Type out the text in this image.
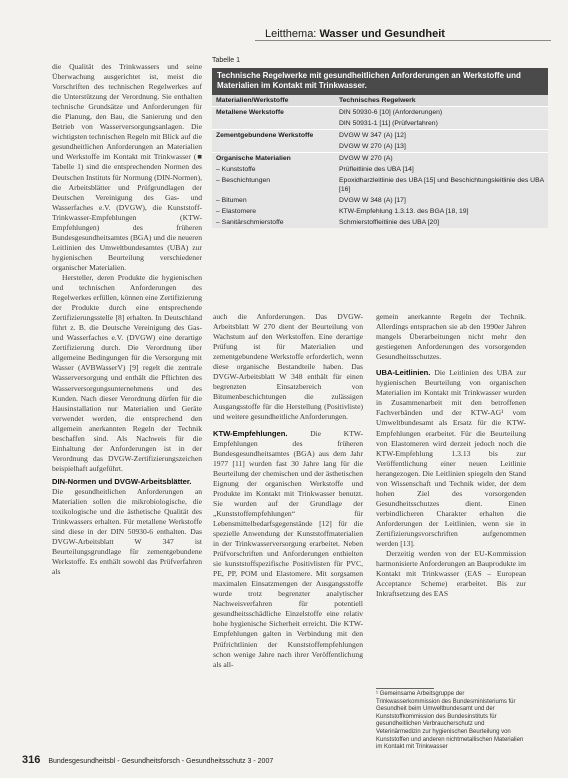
Leitthema: Wasser und Gesundheit

die Qualität des Trinkwassers und seine Überwachung ausgerichtet ist, meist die Vorschriften des technischen Regelwerkes auf die Unterstützung der Verordnung. Sie enthalten technische Grundsätze und Anforderungen für die Planung, den Bau, die Sanierung und den Betrieb von Wasserversorgungsanlagen. Die wichtigsten technischen Regeln mit Blick auf die gesundheitlichen Anforderungen an Materialien und Werkstoffe im Kontakt mit Trinkwasser (■ Tabelle 1) sind die entsprechenden Normen des Deutschen Instituts für Normung (DIN-Normen), die Arbeitsblätter und Prüfgrundlagen der Deutschen Vereinigung des Gas- und Wasserfaches e.V. (DVGW), die Kunststoff-Trinkwasser-Empfehlungen (KTW-Empfehlungen) des früheren Bundesgesundheitsamtes (BGA) und die neueren Leitlinien des Umweltbundesamtes (UBA) zur hygienischen Beurteilung verschiedener organischer Materialien.

Hersteller, deren Produkte die hygienischen und technischen Anforderungen des Regelwerkes erfüllen, können eine Zertifizierung der Produkte durch eine entsprechende Zertifizierungsstelle [8] erhalten. In Deutschland führt z. B. die Deutsche Vereinigung des Gas- und Wasserfaches e.V. (DVGW) eine derartige Zertifizierung durch. Die Verordnung über allgemeine Bedingungen für die Versorgung mit Wasser (AVBWasserV) [9] regelt die zentrale Wasserversorgung und enthält die Pflichten des Wasserversorgungsunternehmens und des Kunden. Nach dieser Verordnung dürfen für die Hausinstallation nur Materialien und Geräte verwendet werden, die entsprechend den allgemein anerkannten Regeln der Technik beschaffen sind. Als Nachweis für die Einhaltung der Anforderungen ist in der Verordnung das DVGW-Zertifizierungszeichen beispielhaft aufgeführt.

DIN-Normen und DVGW-Arbeitsblätter.
Die gesundheitlichen Anforderungen an Materialien sollen die mikrobiologische, die toxikologische und die ästhetische Qualität des Trinkwassers erhalten. Für metallene Werkstoffe sind diese in der DIN 50930-6 enthalten. Das DVGW-Arbeitsblatt W 347 ist Beurteilungsgrundlage für zementgebundene Werkstoffe. Es enthält sowohl das Prüfverfahren als

Tabelle 1
Technische Regelwerke mit gesundheitlichen Anforderungen an Werkstoffe und Materialien im Kontakt mit Trinkwasser.
Materialien/Werkstoffe	Technisches Regelwerk
Metallene Werkstoffe	DIN 50930-6 [10] (Anforderungen)
	DIN 50931-1 [11] (Prüfverfahren)
Zementgebundene Werkstoffe	DVGW W 347 (A) [12]
	DVGW W 270 (A) [13]
Organische Materialien	DVGW W 270 (A)
– Kunststoffe	Prüfleitlinie des UBA [14]
– Beschichtungen	Epoxidharzleitlinie des UBA [15] und Beschichtungsleitlinie des UBA [16]
– Bitumen	DVGW W 348 (A) [17]
– Elastomere	KTW-Empfehlung 1.3.13. des BGA [18, 19]
– Sanitärschmierstoffe	Schmierstoffleitlinie des UBA [20]

auch die Anforderungen. Das DVGW-Arbeitsblatt W 270 dient der Beurteilung von Wachstum auf den Werkstoffen. Eine derartige Prüfung ist für Materialien und zementgebundene Werkstoffe erforderlich, wenn diese organische Bestandteile haben. Das DVGW-Arbeitsblatt W 348 enthält für einen begrenzten Einsatzbereich von Bitumenbeschichtungen die zulässigen Ausgangsstoffe für die Herstellung (Positivliste) und weitere gesundheitliche Anforderungen.

KTW-Empfehlungen.	Die KTW-Empfehlungen des früheren Bundesgesundheitsamtes (BGA) aus dem Jahr 1977 [11] wurden fast 30 Jahre lang für die Beurteilung der chemischen und der ästhetischen Eignung der organischen Werkstoffe und Produkte im Kontakt mit Trinkwasser benutzt. Sie wurden auf der Grundlage der „Kunststoffempfehlungen“ für Lebensmittelbedarfsgegenstände [12] für die spezielle Anwendung der Kunststoffmaterialien in der Trinkwasserversorgung erarbeitet. Neben Prüfvorschriften und Anforderungen enthielten sie kunststoffspezifische Positivlisten für PVC, PE, PP, POM und Elastomere. Mit sorgsamen maximalen Einsatzmengen der Ausgangsstoffe wurde trotz begrenzter analytischer Nachweisverfahren für potentiell gesundheitsschädliche Einzelstoffe eine relativ hohe hygienische Sicherheit erreicht. Die KTW-Empfehlungen galten in Verbindung mit den Prüfrichtlinien der Kunststoffempfehlungen schon wenige Jahre nach ihrer Veröffentlichung als all-

gemein anerkannte Regeln der Technik. Allerdings entsprachen sie ab den 1990er Jahren mangels Überarbeitungen nicht mehr den gestiegenen Anforderungen des vorsorgenden Gesundheitsschutzes.

UBA-Leitlinien. Die Leitlinien des UBA zur hygienischen Beurteilung von organischen Materialien im Kontakt mit Trinkwasser wurden in Zusammenarbeit mit den betroffenen Fachverbänden und der KTW-AG¹ vom Umweltbundesamt als Ersatz für die KTW-Empfehlungen erarbeitet. Für die Beurteilung von Elastomeren wird derzeit jedoch noch die KTW-Empfehlung 1.3.13 bis zur Veröffentlichung einer neuen Leitlinie herangezogen. Die Leitlinien spiegeln den Stand von Wissenschaft und Technik wider, der dem hohen Ziel des vorsorgenden Gesundheitsschutzes dient. Einen verbindlicheren Charakter erhalten die Anforderungen der Leitlinien, wenn sie in Zertifizierungsvorschriften aufgenommen werden [13].

Derzeitig werden von der EU-Kommission harmonisierte Anforderungen an Bauprodukte im Kontakt mit Trinkwasser (EAS – European Acceptance Scheme) erarbeitet. Bis zur Inkraftsetzung des EAS

¹ Gemeinsame Arbeitsgruppe der Trinkwasserkommission des Bundesministeriums für Gesundheit beim Umweltbundesamt und der Kunststoffkommission des Bundesinstituts für gesundheitlichen Verbraucherschutz und Veterinärmedizin zur hygienischen Beurteilung von Kunststoffen und anderen nichtmetallischen Materialien im Kontakt mit Trinkwasser
316 Bundesgesundheitsbl - Gesundheitsforsch - Gesundheitsschutz 3 - 2007
